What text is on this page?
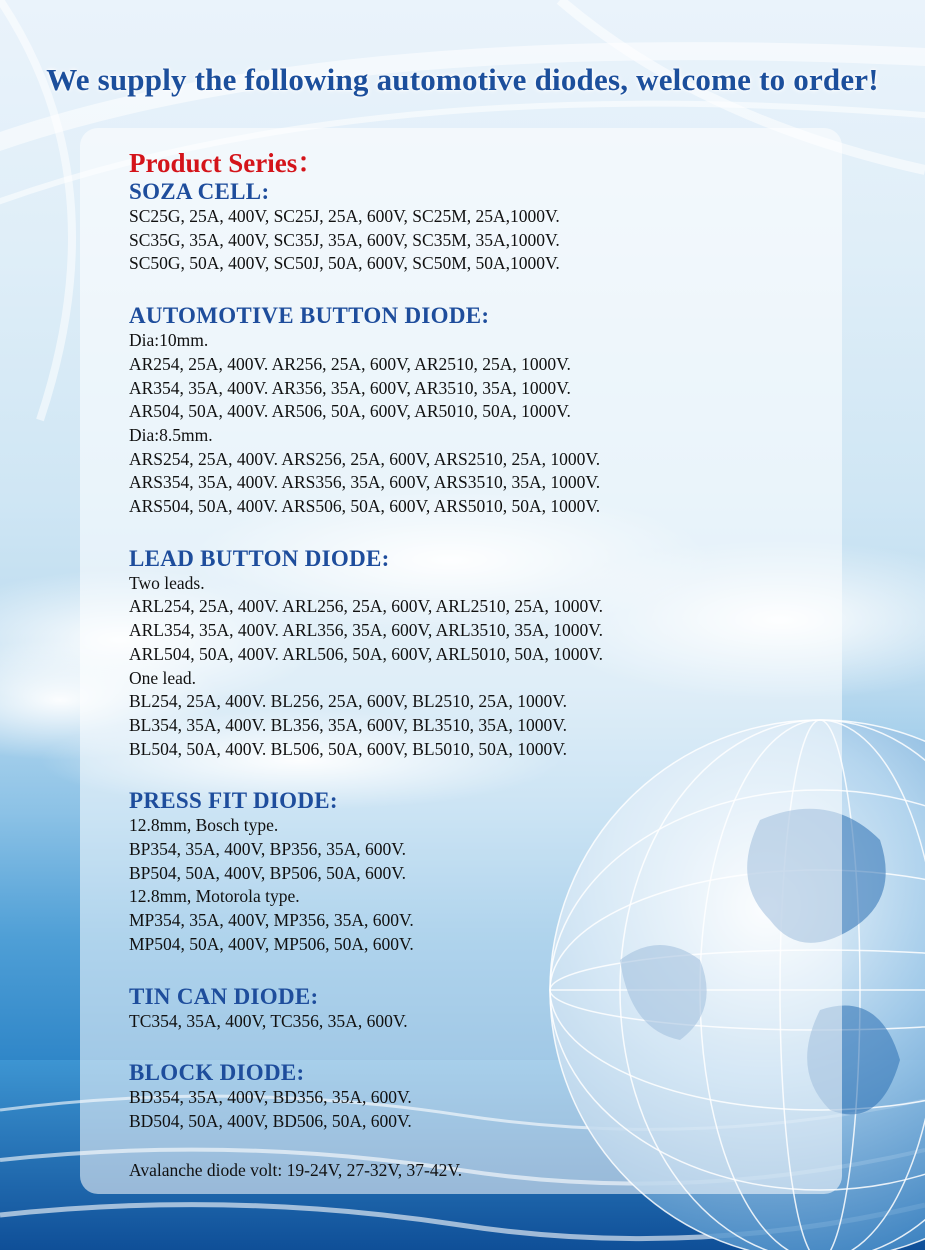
We supply the following automotive diodes, welcome to order!

Product Series：

SOZA CELL:

SC25G, 25A, 400V, SC25J, 25A, 600V, SC25M, 25A,1000V.

SC35G, 35A, 400V, SC35J, 35A, 600V, SC35M, 35A,1000V.

SC50G, 50A, 400V, SC50J, 50A, 600V, SC50M, 50A,1000V.

AUTOMOTIVE BUTTON DIODE:

Dia:10mm.

AR254, 25A, 400V. AR256, 25A, 600V, AR2510, 25A, 1000V.

AR354, 35A, 400V. AR356, 35A, 600V, AR3510, 35A, 1000V.

AR504, 50A, 400V. AR506, 50A, 600V, AR5010, 50A, 1000V.

Dia:8.5mm.

ARS254, 25A, 400V. ARS256, 25A, 600V, ARS2510, 25A, 1000V.

ARS354, 35A, 400V. ARS356, 35A, 600V, ARS3510, 35A, 1000V.

ARS504, 50A, 400V. ARS506, 50A, 600V, ARS5010, 50A, 1000V.

LEAD BUTTON DIODE:

Two leads.

ARL254, 25A, 400V. ARL256, 25A, 600V, ARL2510, 25A, 1000V.

ARL354, 35A, 400V. ARL356, 35A, 600V, ARL3510, 35A, 1000V.

ARL504, 50A, 400V. ARL506, 50A, 600V, ARL5010, 50A, 1000V.

One lead.

BL254, 25A, 400V. BL256, 25A, 600V, BL2510, 25A, 1000V.

BL354, 35A, 400V. BL356, 35A, 600V, BL3510, 35A, 1000V.

BL504, 50A, 400V. BL506, 50A, 600V, BL5010, 50A, 1000V.

PRESS FIT DIODE:

12.8mm, Bosch type.

BP354, 35A, 400V, BP356, 35A, 600V.

BP504, 50A, 400V, BP506, 50A, 600V.

12.8mm, Motorola type.

MP354, 35A, 400V, MP356, 35A, 600V.

MP504, 50A, 400V, MP506, 50A, 600V.

TIN CAN DIODE:

TC354, 35A, 400V, TC356, 35A, 600V.

BLOCK DIODE:

BD354, 35A, 400V, BD356, 35A, 600V.

BD504, 50A, 400V, BD506, 50A, 600V.

Avalanche diode volt: 19-24V, 27-32V, 37-42V.
